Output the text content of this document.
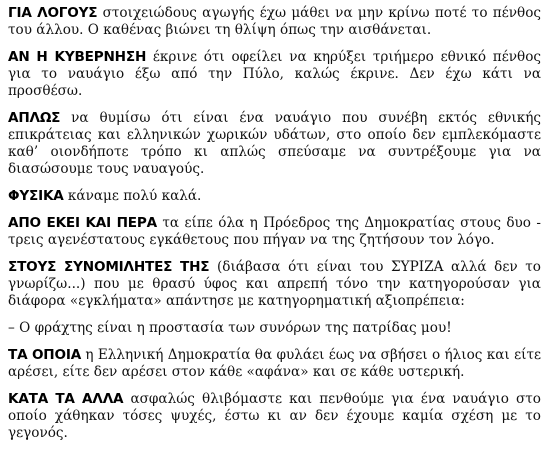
ΓΙΑ ΛΟΓΟΥΣ στοιχειώδους αγωγής έχω μάθει να μην κρίνω ποτέ το πένθος του άλλου. Ο καθένας βιώνει τη θλίψη όπως την αισθάνεται.

ΑΝ Η ΚΥΒΕΡΝΗΣΗ έκρινε ότι οφείλει να κηρύξει τριήμερο εθνικό πένθος για το ναυάγιο έξω από την Πύλο, καλώς έκρινε. Δεν έχω κάτι να προσθέσω.

ΑΠΛΩΣ να θυμίσω ότι είναι ένα ναυάγιο που συνέβη εκτός εθνικής επικράτειας και ελληνικών χωρικών υδάτων, στο οποίο δεν εμπλεκόμαστε καθ’ οιονδήποτε τρόπο κι απλώς σπεύσαμε να συντρέξουμε για να διασώσουμε τους ναυαγούς.

ΦΥΣΙΚΑ κάναμε πολύ καλά.

ΑΠΟ ΕΚΕΙ ΚΑΙ ΠΕΡΑ τα είπε όλα η Πρόεδρος της Δημοκρατίας στους δυο - τρεις αγενέστατους εγκάθετους που πήγαν να της ζητήσουν τον λόγο.

ΣΤΟΥΣ ΣΥΝΟΜΙΛΗΤΕΣ ΤΗΣ (διάβασα ότι είναι του ΣΥΡΙΖΑ αλλά δεν το γνωρίζω...) που με θρασύ ύφος και απρεπή τόνο την κατηγορούσαν για διάφορα «εγκλήματα» απάντησε με κατηγορηματική αξιοπρέπεια:

– Ο φράχτης είναι η προστασία των συνόρων της πατρίδας μου!

ΤΑ ΟΠΟΙΑ η Ελληνική Δημοκρατία θα φυλάει έως να σβήσει ο ήλιος και είτε αρέσει, είτε δεν αρέσει στον κάθε «αφάνα» και σε κάθε υστερική.

ΚΑΤΑ ΤΑ ΑΛΛΑ ασφαλώς θλιβόμαστε και πενθούμε για ένα ναυάγιο στο οποίο χάθηκαν τόσες ψυχές, έστω κι αν δεν έχουμε καμία σχέση με το γεγονός.
